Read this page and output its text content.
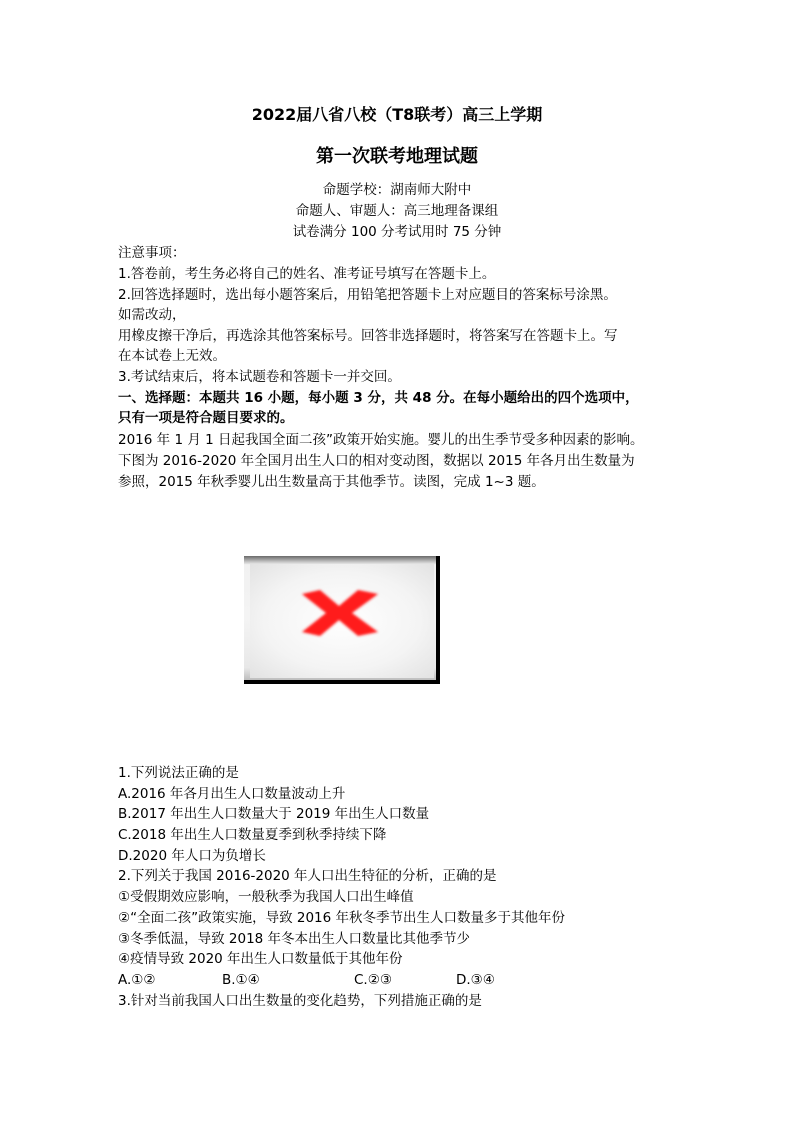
2022届八省八校（T8联考）高三上学期
第一次联考地理试题
命题学校：湖南师大附中
命题人、审题人：高三地理备课组
试卷满分 100 分考试用时 75 分钟
注意事项：
1.答卷前，考生务必将自己的姓名、准考证号填写在答题卡上。
2.回答选择题时，选出每小题答案后，用铅笔把答题卡上对应题目的答案标号涂黑。
如需改动，
用橡皮擦干净后，再选涂其他答案标号。回答非选择题时，将答案写在答题卡上。写
在本试卷上无效。
3.考试结束后，将本试题卷和答题卡一并交回。
一、选择题：本题共 16 小题，每小题 3 分，共 48 分。在每小题给出的四个选项中，
只有一项是符合题目要求的。
2016 年 1 月 1 日起我国全面二孩”政策开始实施。婴儿的出生季节受多种因素的影响。
下图为 2016-2020 年全国月出生人口的相对变动图，数据以 2015 年各月出生数量为
参照，2015 年秋季婴儿出生数量高于其他季节。读图，完成 1~3 题。
1.下列说法正确的是
A.2016 年各月出生人口数量波动上升
B.2017 年出生人口数量大于 2019 年出生人口数量
C.2018 年出生人口数量夏季到秋季持续下降
D.2020 年人口为负增长
2.下列关于我国 2016-2020 年人口出生特征的分析，正确的是
①受假期效应影响，一般秋季为我国人口出生峰值
②“全面二孩”政策实施，导致 2016 年秋冬季节出生人口数量多于其他年份
③冬季低温，导致 2018 年冬本出生人口数量比其他季节少
④疫情导致 2020 年出生人口数量低于其他年份
A.①②	B.①④	C.②③	D.③④
3.针对当前我国人口出生数量的变化趋势，下列措施正确的是
